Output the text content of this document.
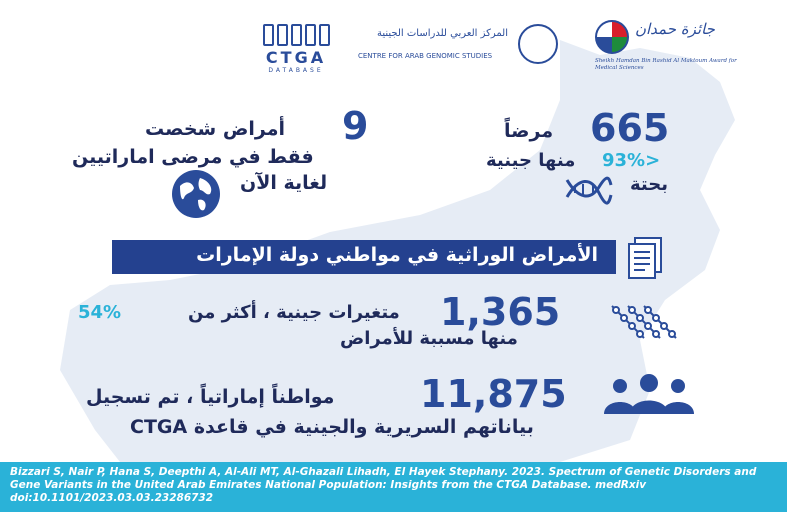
CTGA
DATABASE
المركز العربي للدراسات الجينية
CENTRE FOR ARAB GENOMIC STUDIES
جائزة حمدان
Sheikh Hamdan Bin Rashid Al Maktoum Award for Medical Sciences
665
مرضاً
93%>
منها جينية
بحتة
9
أمراض شخصت
فقط في مرضى اماراتيين
لغاية الآن
الأمراض الوراثية في مواطني دولة الإمارات
1,365
متغيرات جينية ، أكثر من
54%
منها مسببة للأمراض
11,875
مواطناً إماراتياً ، تم تسجيل
بياناتهم السريرية والجينية في قاعدة CTGA
Bizzari S, Nair P, Hana S, Deepthi A, Al-Ali MT, Al-Ghazali Lihadh, El Hayek Stephany. 2023. Spectrum of Genetic Disorders and Gene Variants in the United Arab Emirates National Population: Insights from the CTGA Database. medRxiv doi:10.1101/2023.03.03.23286732
